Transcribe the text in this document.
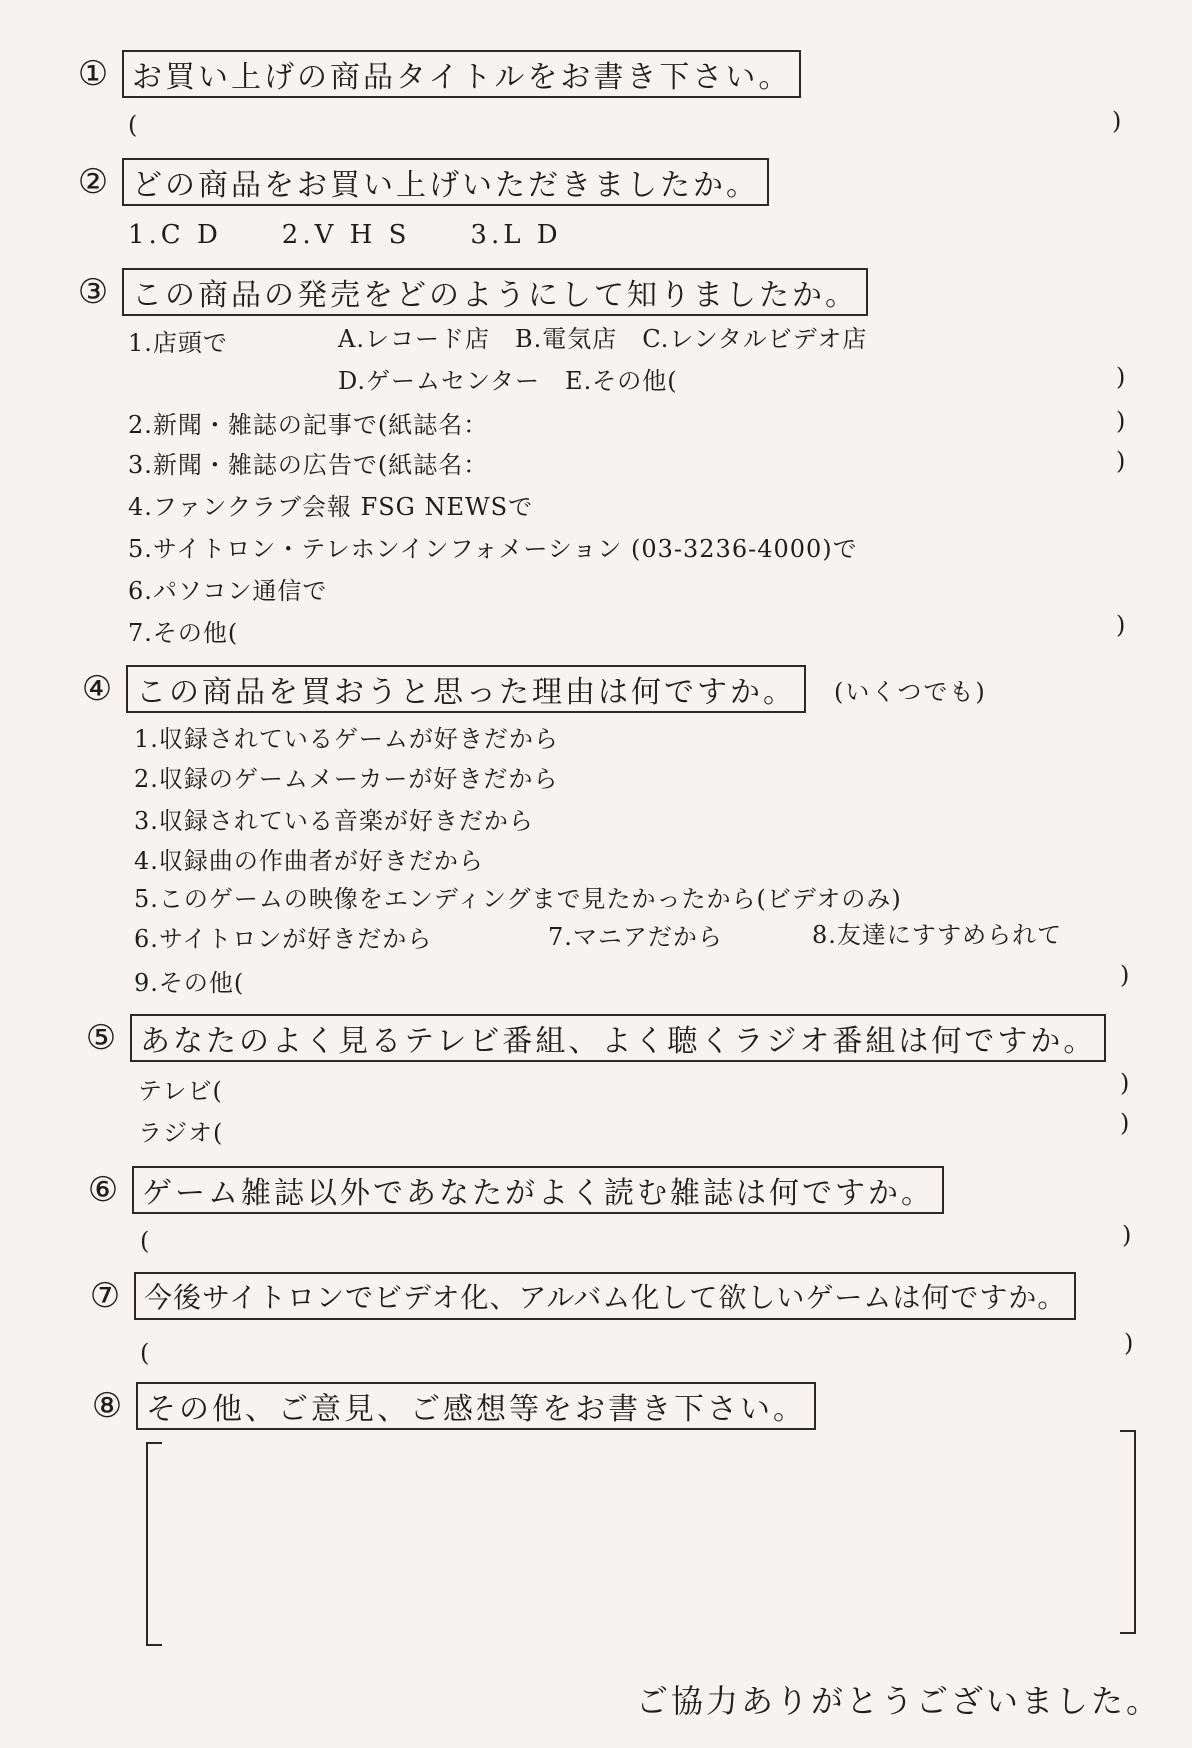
① お買い上げの商品タイトルをお書き下さい。
(	)
② どの商品をお買い上げいただきましたか。
1.C D　　2.V H S　　3.L D
③ この商品の発売をどのようにして知りましたか。
1.店頭で	A.レコード店　B.電気店　C.レンタルビデオ店
D.ゲームセンター　E.その他(	)
2.新聞・雑誌の記事で(紙誌名：	)
3.新聞・雑誌の広告で(紙誌名：	)
4.ファンクラブ会報 FSG NEWSで
5.サイトロン・テレホンインフォメーション (03-3236-4000)で
6.パソコン通信で
7.その他(	)
④ この商品を買おうと思った理由は何ですか。	(いくつでも)
1.収録されているゲームが好きだから
2.収録のゲームメーカーが好きだから
3.収録されている音楽が好きだから
4.収録曲の作曲者が好きだから
5.このゲームの映像をエンディングまで見たかったから(ビデオのみ)
6.サイトロンが好きだから	7.マニアだから	8.友達にすすめられて
9.その他(	)
⑤ あなたのよく見るテレビ番組、よく聴くラジオ番組は何ですか。
テレビ(	)
ラジオ(	)
⑥ ゲーム雑誌以外であなたがよく読む雑誌は何ですか。
(	)
⑦ 今後サイトロンでビデオ化、アルバム化して欲しいゲームは何ですか。
(	)
⑧ その他、ご意見、ご感想等をお書き下さい。
ご協力ありがとうございました。
